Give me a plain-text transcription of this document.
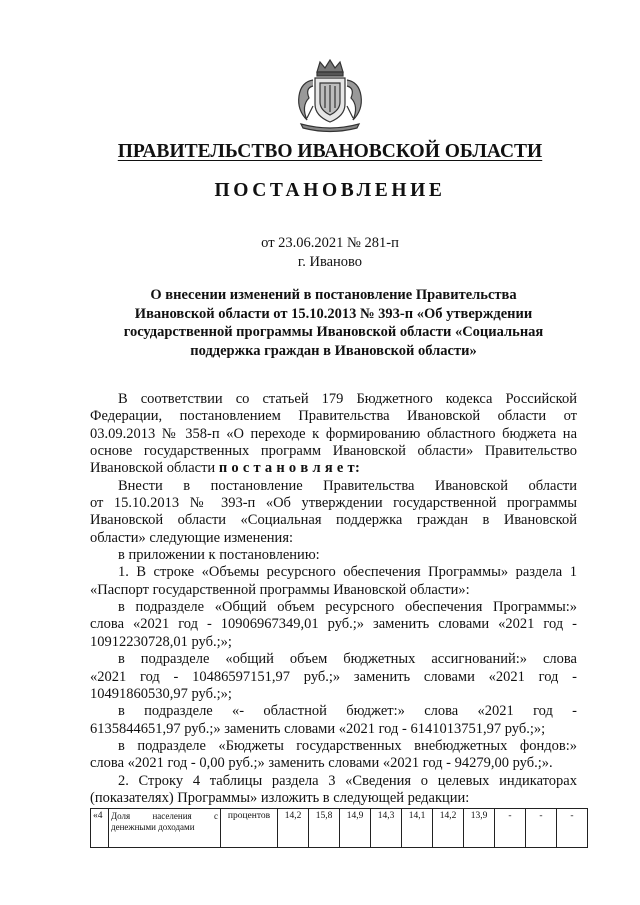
ПРАВИТЕЛЬСТВО ИВАНОВСКОЙ ОБЛАСТИ
ПОСТАНОВЛЕНИЕ
от 23.06.2021 № 281-п
г. Иваново
О внесении изменений в постановление Правительства
Ивановской области от 15.10.2013 № 393-п «Об утверждении
государственной программы Ивановской области «Социальная
поддержка граждан в Ивановской области»
В соответствии со статьей 179 Бюджетного кодекса Российской
Федерации, постановлением Правительства Ивановской области от
03.09.2013 № 358-п «О переходе к формированию областного бюджета на
основе государственных программ Ивановской области» Правительство
Ивановской области п о с т а н о в л я е т:
Внести в постановление Правительства Ивановской области
от 15.10.2013 № 393-п «Об утверждении государственной программы
Ивановской области «Социальная поддержка граждан в Ивановской
области» следующие изменения:
в приложении к постановлению:
1. В строке «Объемы ресурсного обеспечения Программы» раздела 1
«Паспорт государственной программы Ивановской области»:
в подразделе «Общий объем ресурсного обеспечения Программы:»
слова «2021 год - 10906967349,01 руб.;» заменить словами «2021 год -
10912230728,01 руб.;»;
в подразделе «общий объем бюджетных ассигнований:» слова
«2021 год - 10486597151,97 руб.;» заменить словами «2021 год -
10491860530,97 руб.;»;
в подразделе «- областной бюджет:» слова «2021 год -
6135844651,97 руб.;» заменить словами «2021 год - 6141013751,97 руб.;»;
в подразделе «Бюджеты государственных внебюджетных фондов:»
слова «2021 год - 0,00 руб.;» заменить словами «2021 год - 94279,00 руб.;».
2. Строку 4 таблицы раздела 3 «Сведения о целевых индикаторах
(показателях) Программы» изложить в следующей редакции:
«4	Доля населения с
денежными доходами
	процентов	14,2	15,8	14,9	14,3	14,1	14,2	13,9	-	-	-
